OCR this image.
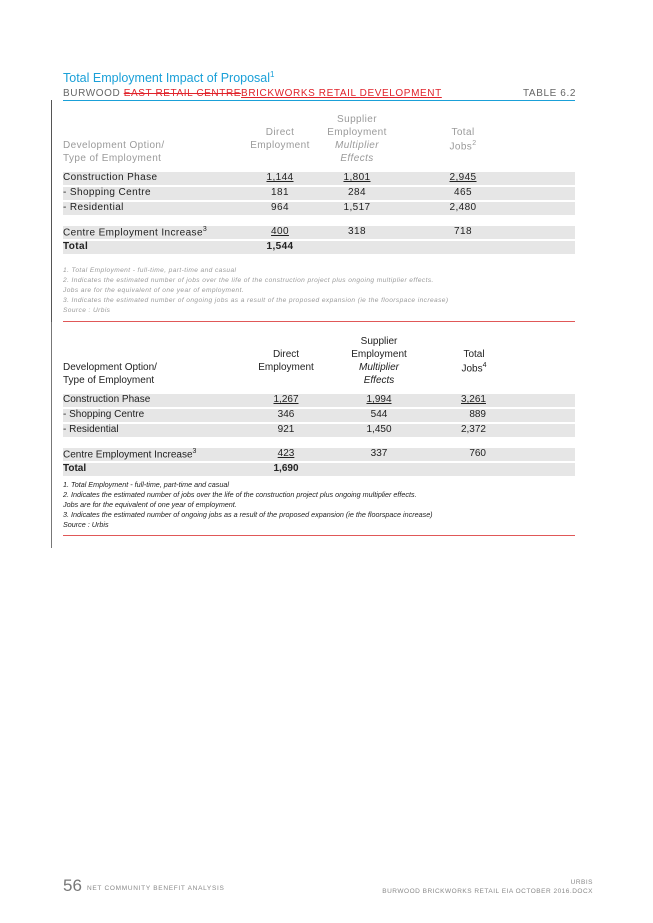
Total Employment Impact of Proposal$^1$
BURWOOD EAST RETAIL CENTREBRICKWORKS RETAIL DEVELOPMENT	TABLE 6.2
Supplier
Direct	Employment	Total
Development Option/	Employment	Multiplier	Jobs$^2$
Type of Employment	Effects
Construction Phase	1,144	1,801	2,945
- Shopping Centre	181	284	465
- Residential	964	1,517	2,480
Centre Employment Increase$^3$	400	318	718
Total	1,544
1. Total Employment - full-time, part-time and casual
2. Indicates the estimated number of jobs over the life of the construction project plus ongoing multiplier effects.
Jobs are for the equivalent of one year of employment.
3. Indicates the estimated number of ongoing jobs as a result of the proposed expansion (ie the floorspace increase)
Source : Urbis
Supplier
Direct	Employment	Total
Development Option/	Employment	Multiplier	Jobs$^4$
Type of Employment	Effects
Construction Phase	1,267	1,994	3,261
- Shopping Centre	346	544	889
- Residential	921	1,450	2,372
Centre Employment Increase$^3$	423	337	760
Total	1,690
1. Total Employment - full-time, part-time and casual
2. Indicates the estimated number of jobs over the life of the construction project plus ongoing multiplier effects.
Jobs are for the equivalent of one year of employment.
3. Indicates the estimated number of ongoing jobs as a result of the proposed expansion (ie the floorspace increase)
Source : Urbis
56 NET COMMUNITY BENEFIT ANALYSIS
URBIS
BURWOOD BRICKWORKS RETAIL EIA OCTOBER 2016.DOCX
